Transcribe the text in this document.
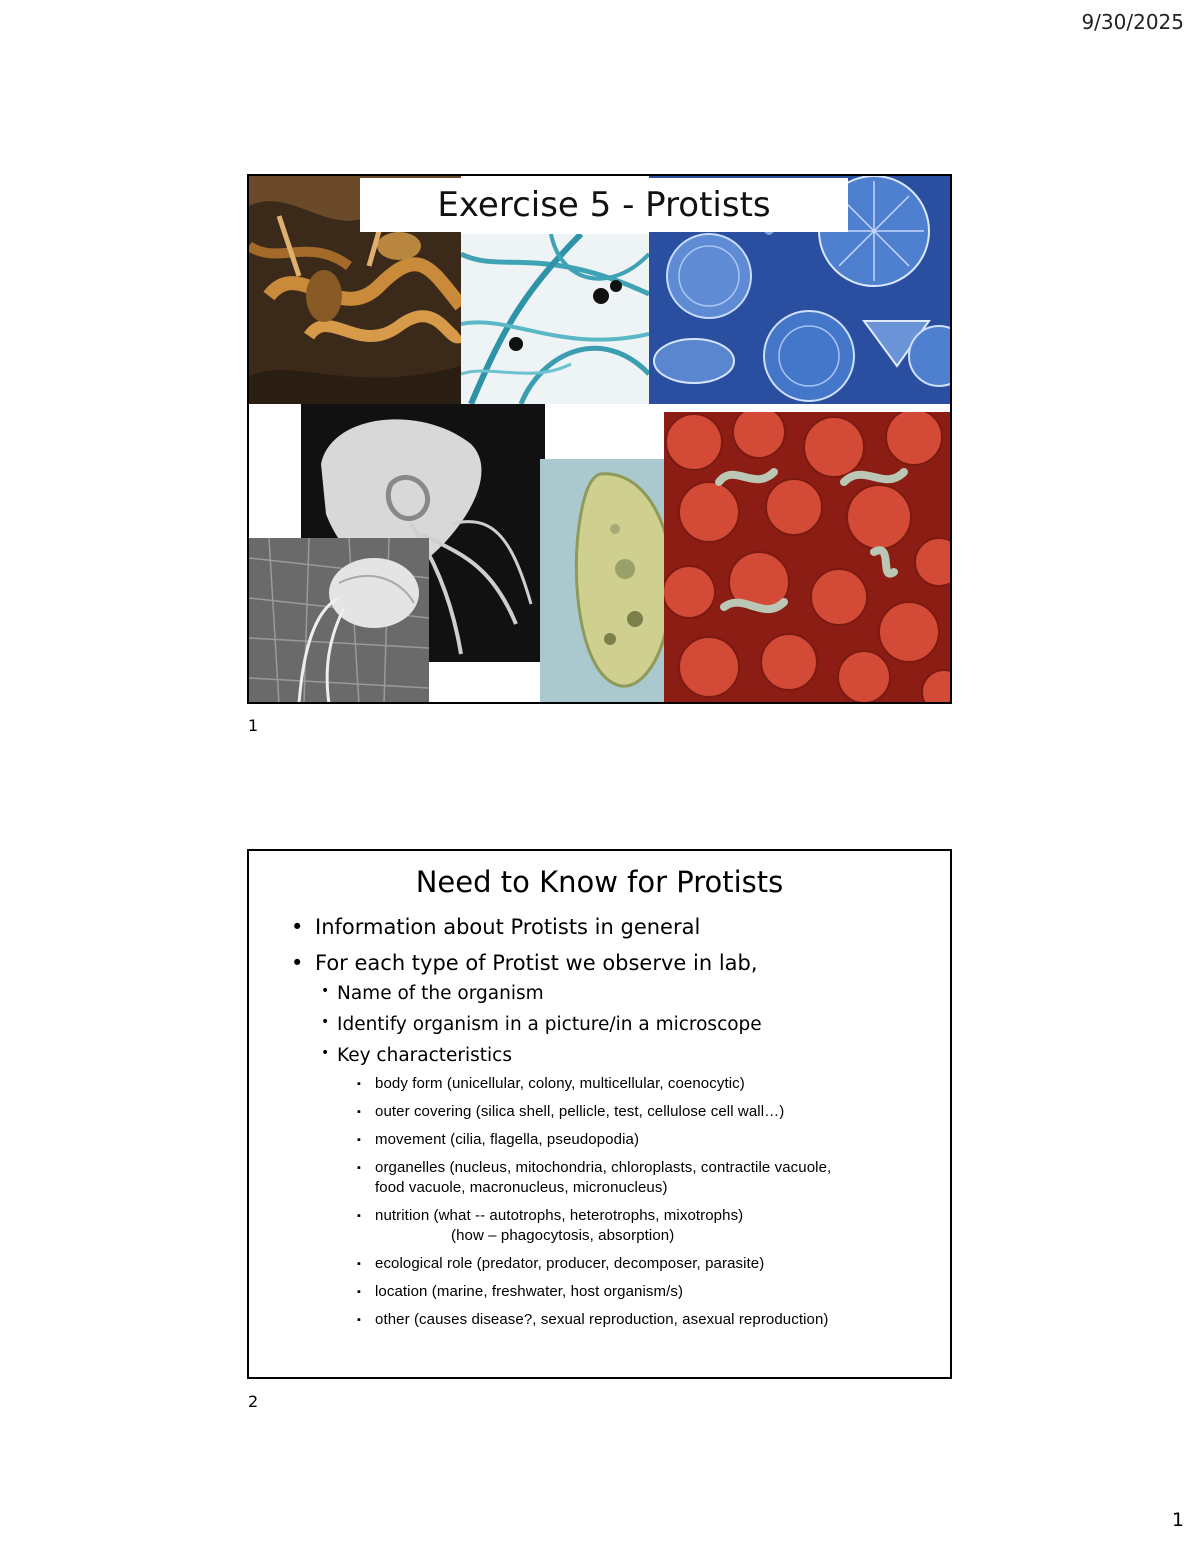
9/30/2025
Exercise 5 - Protists
1
Need to Know for Protists
• Information about Protists in general
• For each type of Protist we observe in lab,
• Name of the organism
• Identify organism in a picture/in a microscope
• Key characteristics
▪ body form (unicellular, colony, multicellular, coenocytic)
▪ outer covering (silica shell, pellicle, test, cellulose cell wall…)
▪ movement (cilia, flagella, pseudopodia)
▪ organelles (nucleus, mitochondria, chloroplasts, contractile vacuole,
food vacuole, macronucleus, micronucleus)
▪ nutrition (what -- autotrophs, heterotrophs, mixotrophs)
(how – phagocytosis, absorption)
▪ ecological role (predator, producer, decomposer, parasite)
▪ location (marine, freshwater, host organism/s)
▪ other (causes disease?, sexual reproduction, asexual reproduction)
2
1
